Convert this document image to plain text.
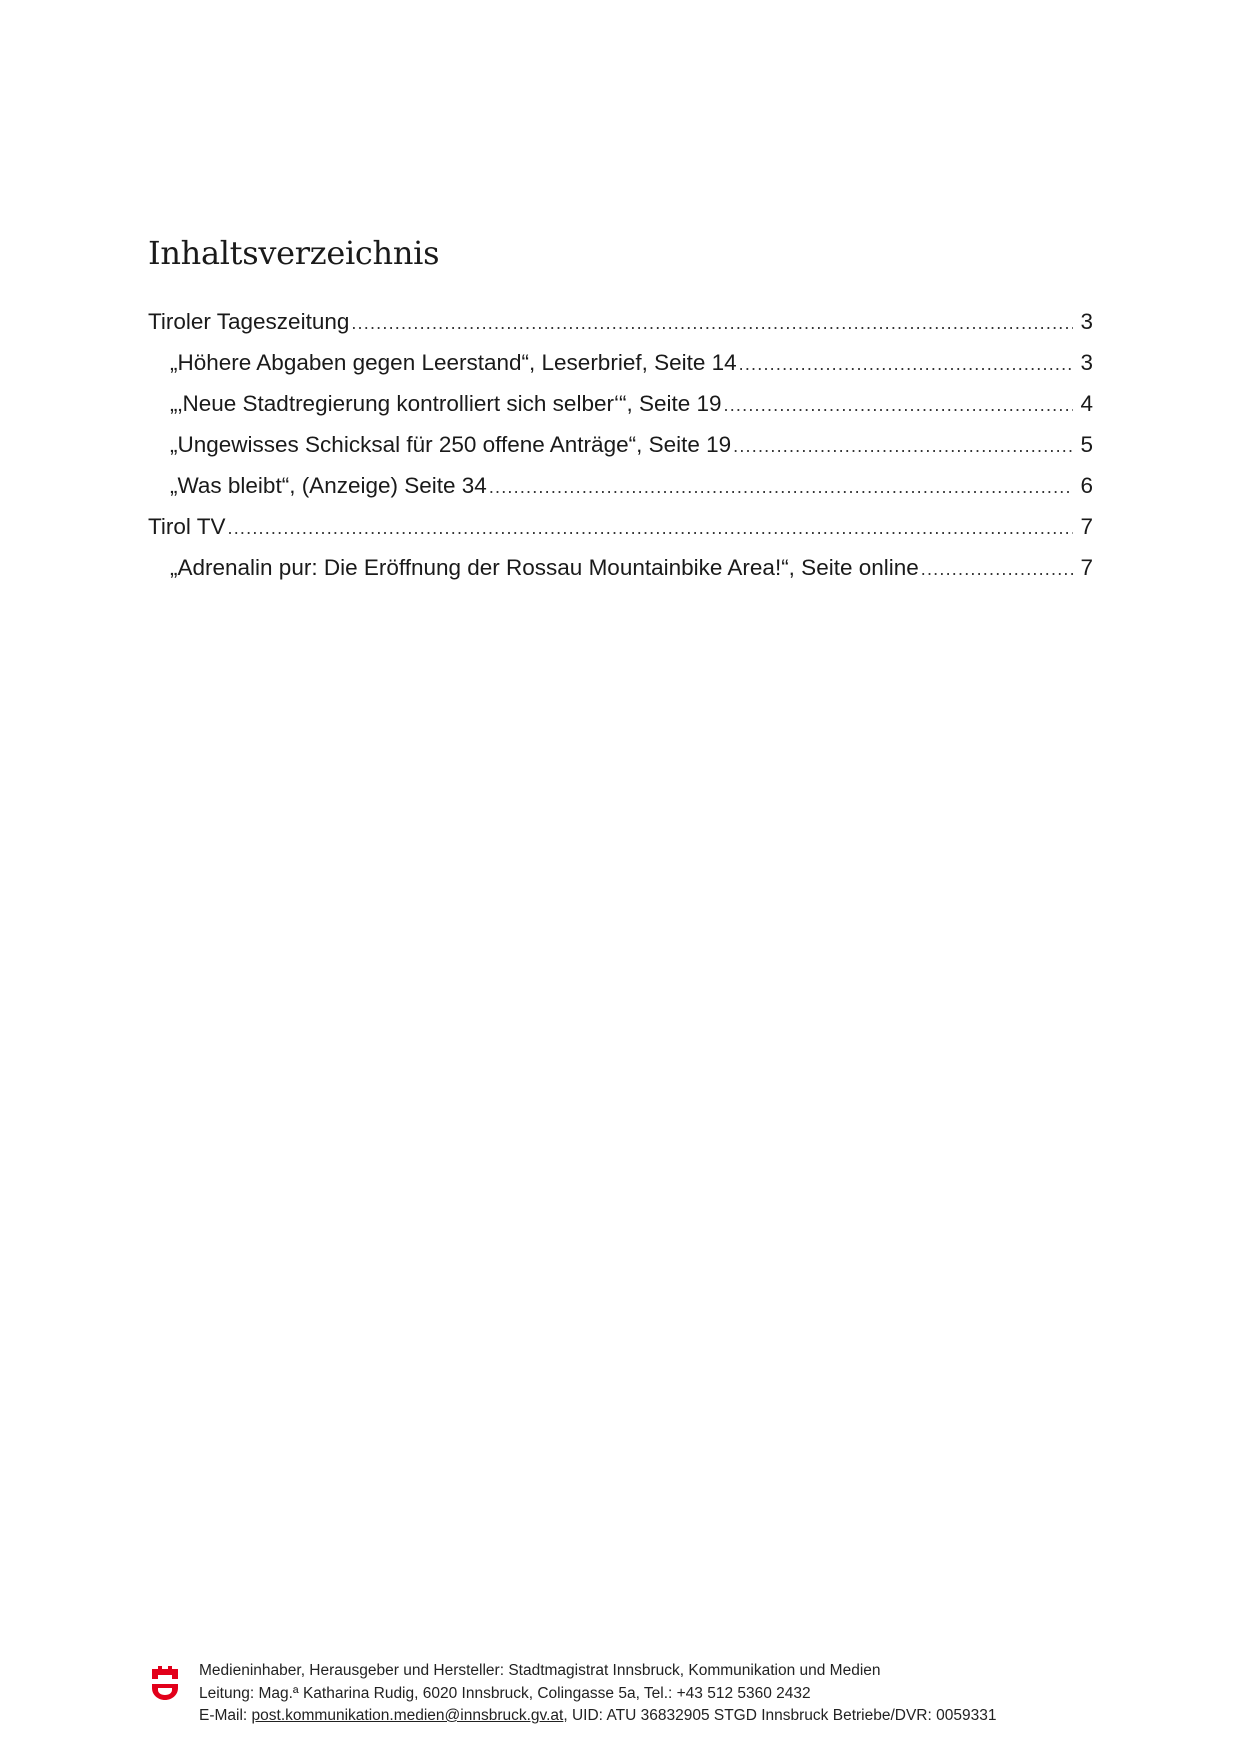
Inhaltsverzeichnis
Tiroler Tageszeitung .....	3
„Höhere Abgaben gegen Leerstand“, Leserbrief, Seite 14 .....	3
„‚Neue Stadtregierung kontrolliert sich selber‘“, Seite 19 .....	4
„Ungewisses Schicksal für 250 offene Anträge“, Seite 19 .....	5
„Was bleibt“, (Anzeige) Seite 34 .....	6
Tirol TV .....	7
„Adrenalin pur: Die Eröffnung der Rossau Mountainbike Area!“, Seite online .....	7
Medieninhaber, Herausgeber und Hersteller: Stadtmagistrat Innsbruck, Kommunikation und Medien
Leitung: Mag.ª Katharina Rudig, 6020 Innsbruck, Colingasse 5a, Tel.: +43 512 5360 2432
E-Mail: post.kommunikation.medien@innsbruck.gv.at, UID: ATU 36832905 STGD Innsbruck Betriebe/DVR: 0059331
